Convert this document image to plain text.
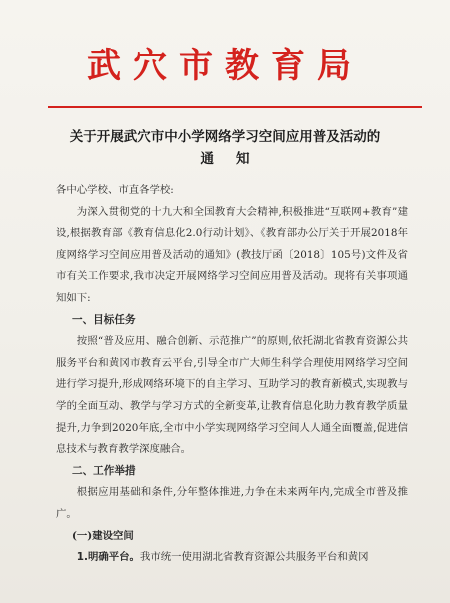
武穴市教育局
关于开展武穴市中小学网络学习空间应用普及活动的
通知

各中心学校、市直各学校:

为深入贯彻党的十九大和全国教育大会精神,积极推进“互联网+教育”建设,根据教育部《教育信息化2.0行动计划》、《教育部办公厅关于开展2018年度网络学习空间应用普及活动的通知》(教技厅函〔2018〕105号)文件及省市有关工作要求,我市决定开展网络学习空间应用普及活动。现将有关事项通知如下:

一、目标任务

按照“普及应用、融合创新、示范推广”的原则,依托湖北省教育资源公共服务平台和黄冈市教育云平台,引导全市广大师生科学合理使用网络学习空间进行学习提升,形成网络环境下的自主学习、互助学习的教育新模式,实现教与学的全面互动、教学与学习方式的全新变革,让教育信息化助力教育教学质量提升,力争到2020年底,全市中小学实现网络学习空间人人通全面覆盖,促进信息技术与教育教学深度融合。

二、工作举措

根据应用基础和条件,分年整体推进,力争在未来两年内,完成全市普及推广。

(一)建设空间

1.明确平台。我市统一使用湖北省教育资源公共服务平台和黄冈
